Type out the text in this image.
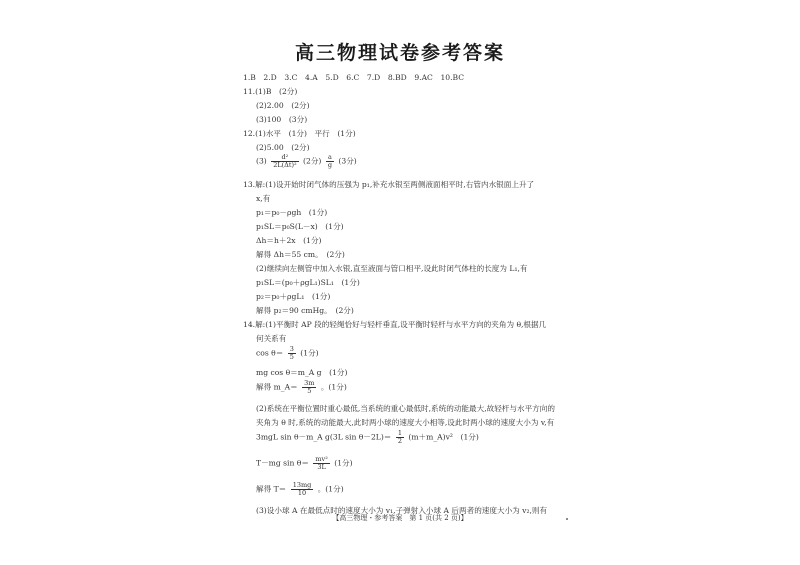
高三物理试卷参考答案
1.B　2.D　3.C　4.A　5.D　6.C　7.D　8.BD　9.AC　10.BC
11.(1)B　(2分)
(2)2.00　(2分)
(3)100　(3分)
12.(1)水平　(1分)　平行　(1分)
(2)5.00　(2分)
$(3) \frac{\text{d²}}{\text{2L(Δt)²}} (2$分) $\frac{a}{g} (3$分)
13.解:(1)设开始时闭气体的压强为 p₁,补充水银至两侧液面相平时,右管内水银面上升了
x,有
p₁＝p₀－ρgh　(1分)
p₁SL＝p₀S(L－x)　(1分)
Δh＝h＋2x　(1分)
解得 Δh＝55 cm。　(2分)
(2)继续向左侧管中加入水银,直至液面与管口相平,设此时闭气体柱的长度为 L₁,有
p₁SL＝(p₀＋ρgL₁)SL₁　(1分)
p₂＝p₀＋ρgL₁　(1分)
解得 p₂＝90 cmHg。　(2分)
14.解:(1)平衡时 AP 段的轻绳恰好与轻杆垂直,设平衡时轻杆与水平方向的夹角为 θ,根据几
何关系有
$\cos \theta= \frac{3}{5} (1$分)
mg cos θ＝m_A g　(1分)
解得 m_A＝ $\frac{3m}{5}$ 。(1分)
(2)系统在平衡位置时重心最低,当系统的重心最低时,系统的动能最大,故轻杆与水平方向的
夹角为 θ 时,系统的动能最大,此时两小球的速度大小相等,设此时两小球的速度大小为 v,有
3mgL sin θ－m_A g(3L $\sin \theta-2L)= \frac{1}{2}$ (m＋m_A)v²　(1分)
T－mg $\sin \theta= \frac{\text{mv²}}{3L} (1$分)
解得 $T= \frac{13mg}{10}$ 。(1分)
(3)设小球 A 在最低点时的速度大小为 v₁,子弹射入小球 A 后两者的速度大小为 v₂,则有
【高三物理・参考答案　第 1 页(共 2 页)】
